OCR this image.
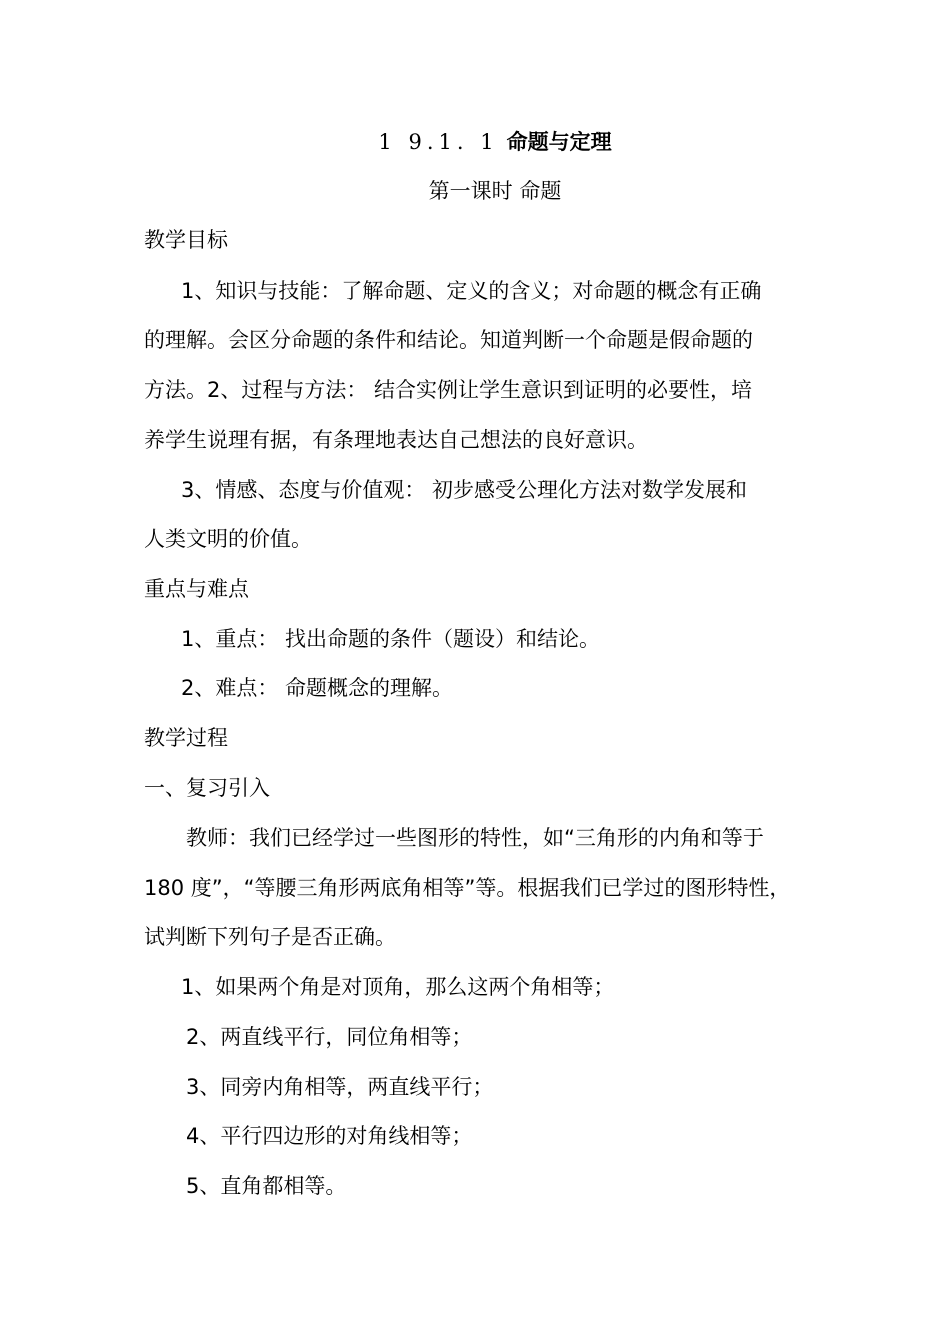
1 9.1. 1 命题与定理
第一课时 命题
教学目标
1、知识与技能：了解命题、定义的含义；对命题的概念有正确
的理解。会区分命题的条件和结论。知道判断一个命题是假命题的
方法。2、过程与方法： 结合实例让学生意识到证明的必要性，培
养学生说理有据，有条理地表达自己想法的良好意识。
3、情感、态度与价值观： 初步感受公理化方法对数学发展和
人类文明的价值。
重点与难点
1、重点： 找出命题的条件（题设）和结论。
2、难点： 命题概念的理解。
教学过程
一、复习引入
教师：我们已经学过一些图形的特性，如“三角形的内角和等于
180 度”，“等腰三角形两底角相等”等。根据我们已学过的图形特性，
试判断下列句子是否正确。
1、如果两个角是对顶角，那么这两个角相等；
2、两直线平行，同位角相等；
3、同旁内角相等，两直线平行；
4、平行四边形的对角线相等；
5、直角都相等。
